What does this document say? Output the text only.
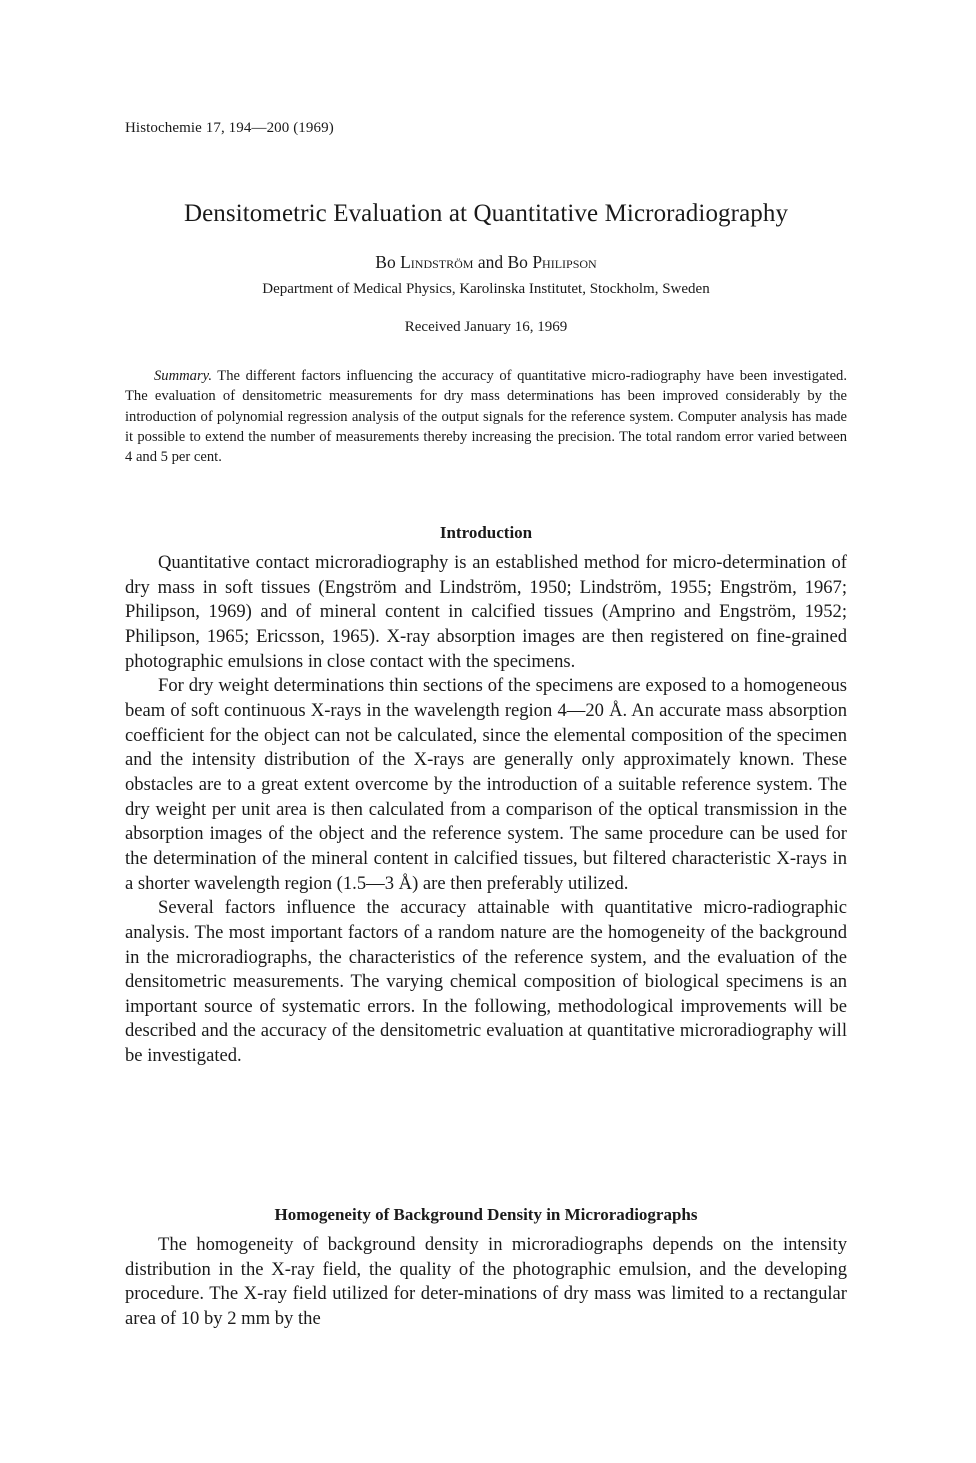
Histochemie 17, 194—200 (1969)
Densitometric Evaluation at Quantitative Microradiography
Bo Lindström and Bo Philipson
Department of Medical Physics, Karolinska Institutet, Stockholm, Sweden
Received January 16, 1969
Summary. The different factors influencing the accuracy of quantitative micro-radiography have been investigated. The evaluation of densitometric measurements for dry mass determinations has been improved considerably by the introduction of polynomial regression analysis of the output signals for the reference system. Computer analysis has made it possible to extend the number of measurements thereby increasing the precision. The total random error varied between 4 and 5 per cent.
Introduction

Quantitative contact microradiography is an established method for micro-determination of dry mass in soft tissues (Engström and Lindström, 1950; Lindström, 1955; Engström, 1967; Philipson, 1969) and of mineral content in calcified tissues (Amprino and Engström, 1952; Philipson, 1965; Ericsson, 1965). X-ray absorption images are then registered on fine-grained photographic emulsions in close contact with the specimens.

For dry weight determinations thin sections of the specimens are exposed to a homogeneous beam of soft continuous X-rays in the wavelength region 4—20 Å. An accurate mass absorption coefficient for the object can not be calculated, since the elemental composition of the specimen and the intensity distribution of the X-rays are generally only approximately known. These obstacles are to a great extent overcome by the introduction of a suitable reference system. The dry weight per unit area is then calculated from a comparison of the optical transmission in the absorption images of the object and the reference system. The same procedure can be used for the determination of the mineral content in calcified tissues, but filtered characteristic X-rays in a shorter wavelength region (1.5—3 Å) are then preferably utilized.

Several factors influence the accuracy attainable with quantitative micro-radiographic analysis. The most important factors of a random nature are the homogeneity of the background in the microradiographs, the characteristics of the reference system, and the evaluation of the densitometric measurements. The varying chemical composition of biological specimens is an important source of systematic errors. In the following, methodological improvements will be described and the accuracy of the densitometric evaluation at quantitative microradiography will be investigated.

Homogeneity of Background Density in Microradiographs

The homogeneity of background density in microradiographs depends on the intensity distribution in the X-ray field, the quality of the photographic emulsion, and the developing procedure. The X-ray field utilized for deter-minations of dry mass was limited to a rectangular area of 10 by 2 mm by the
